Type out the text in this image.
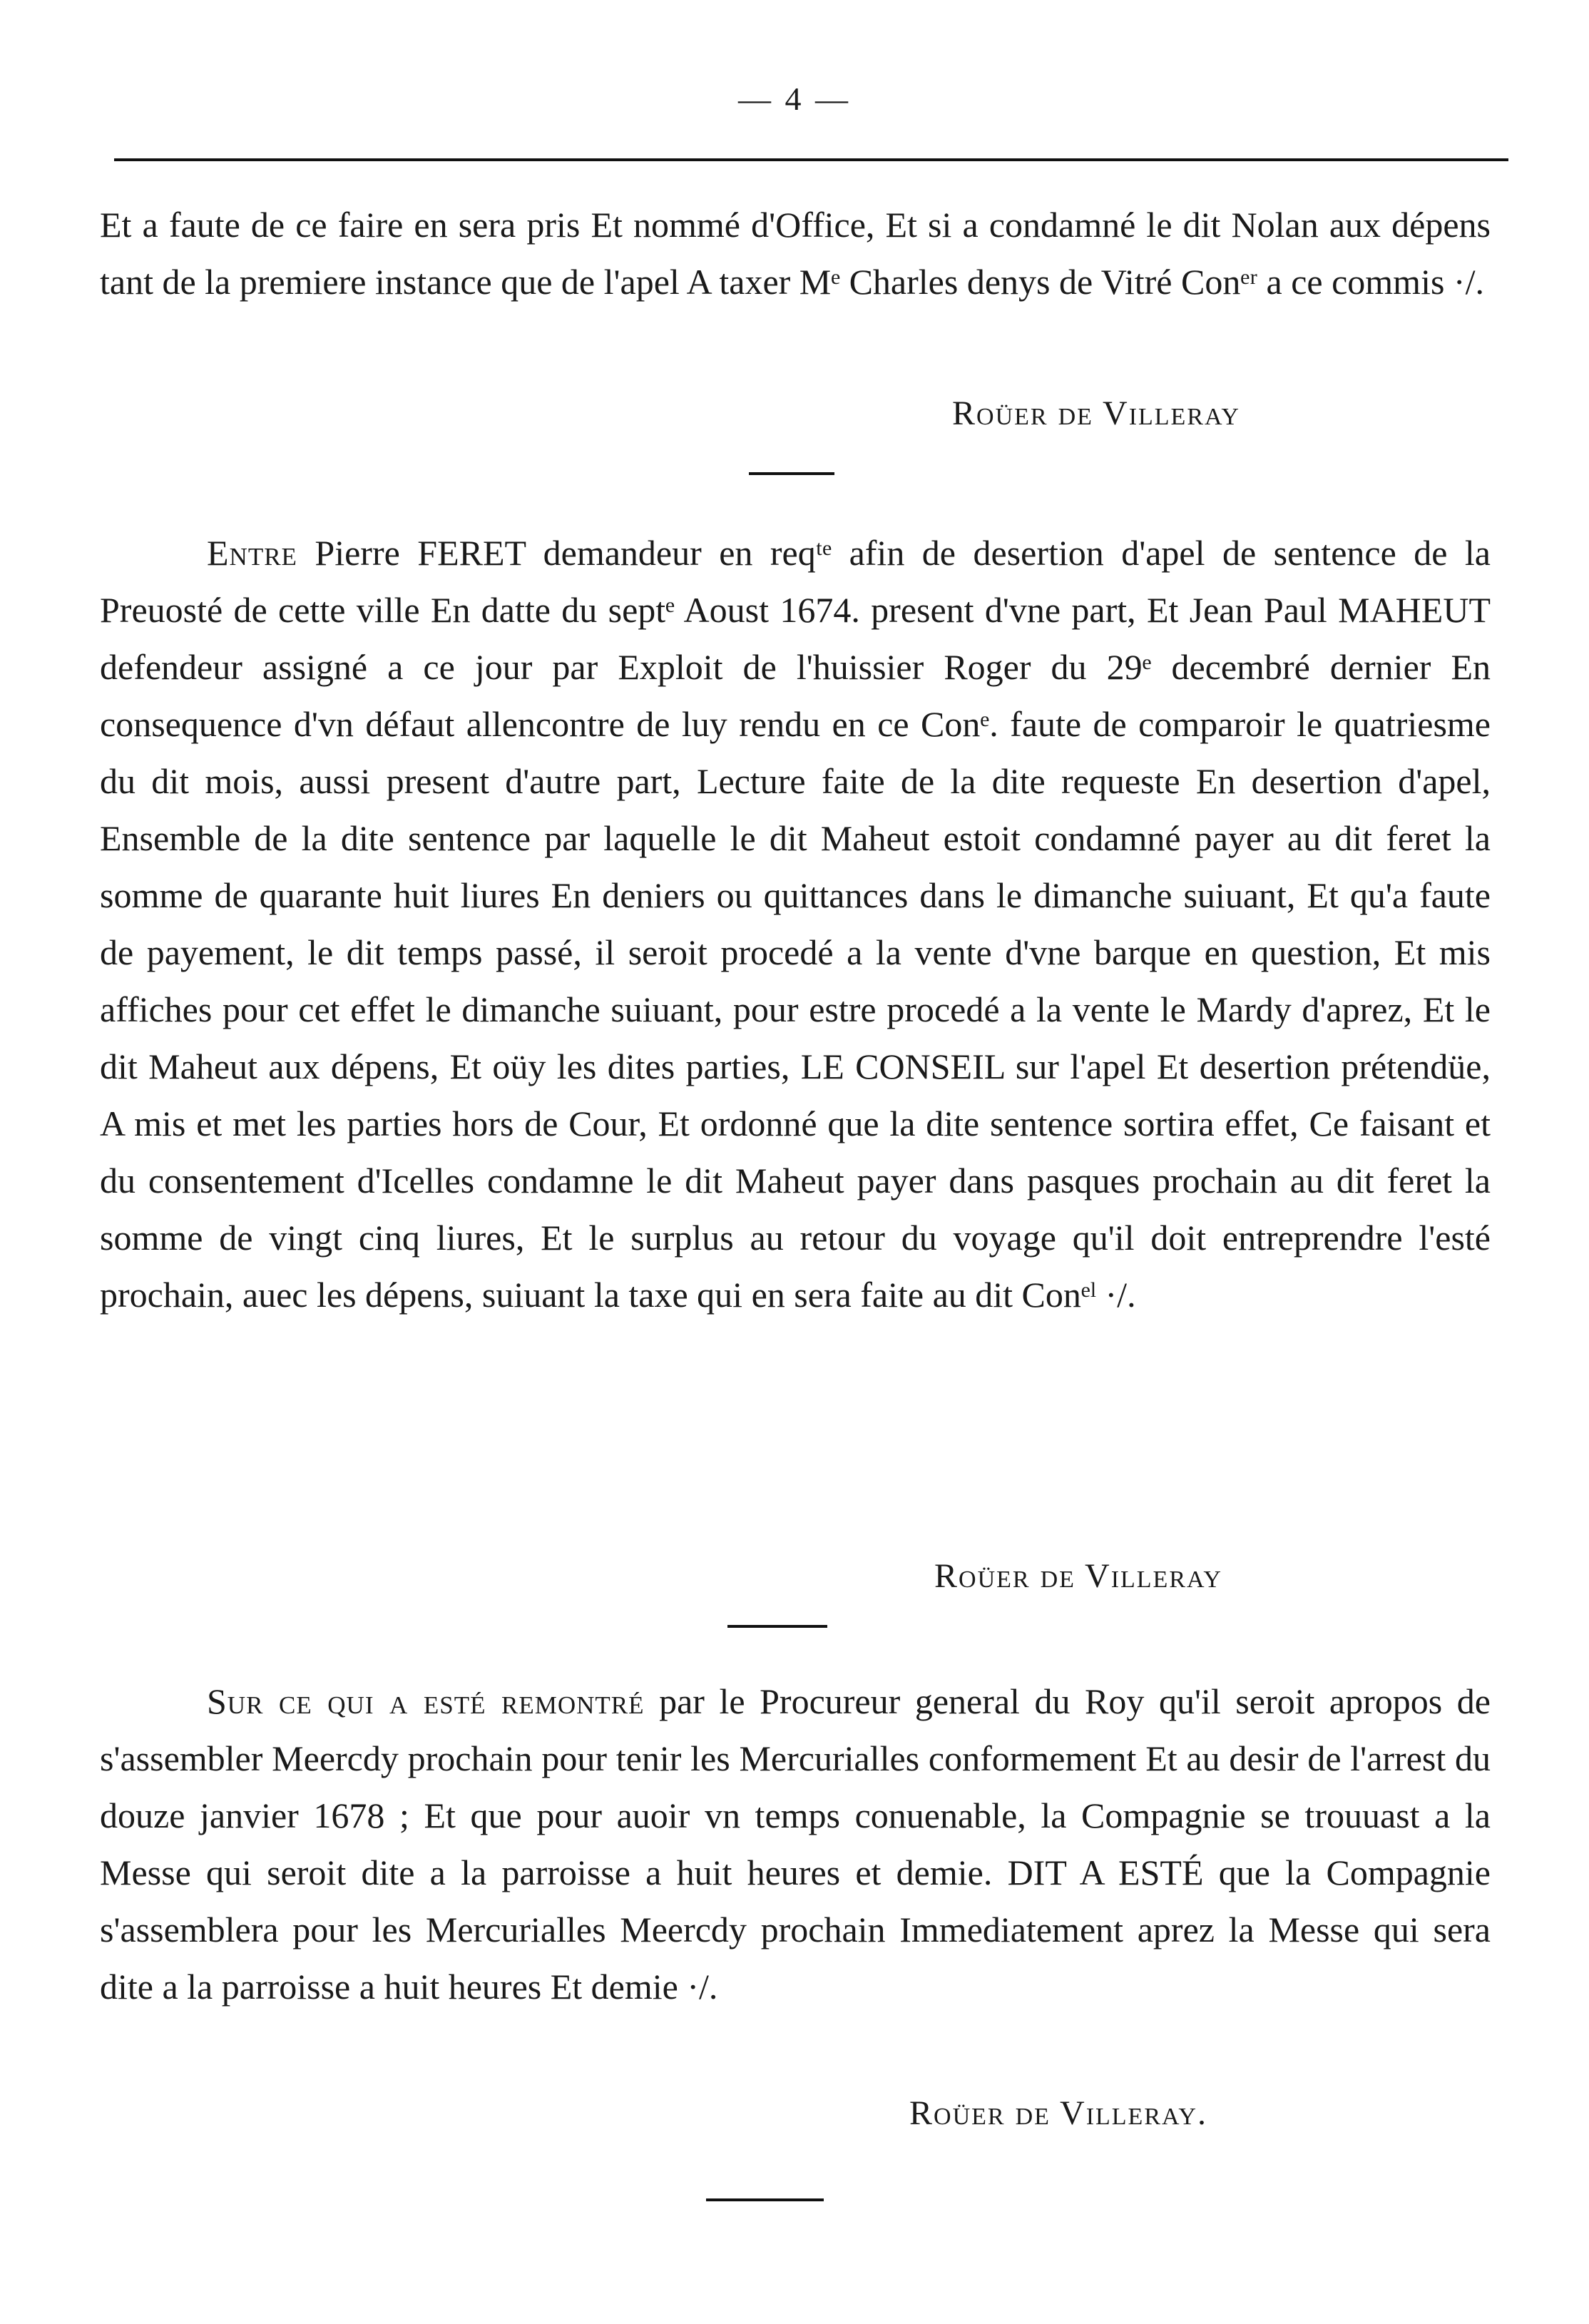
— 4 —

Et a faute de ce faire en sera pris Et nommé d'Office, Et si a condamné le dit Nolan aux dépens tant de la premiere instance que de l'apel A taxer Mᵉ Charles denys de Vitré Conᵉʳ a ce commis ·/.

Roüer de Villeray

Entre Pierre FERET demandeur en reqᵗᵉ afin de desertion d'apel de sentence de la Preuosté de cette ville En datte du septᵉ Aoust 1674. present d'vne part, Et Jean Paul MAHEUT defendeur assigné a ce jour par Exploit de l'huissier Roger du 29ᵉ decembré dernier En consequence d'vn défaut allencontre de luy rendu en ce Conᵉ. faute de comparoir le quatriesme du dit mois, aussi present d'autre part, Lecture faite de la dite requeste En desertion d'apel, Ensemble de la dite sentence par laquelle le dit Maheut estoit condamné payer au dit feret la somme de quarante huit liures En deniers ou quittances dans le dimanche suiuant, Et qu'a faute de payement, le dit temps passé, il seroit procedé a la vente d'vne barque en question, Et mis affiches pour cet effet le dimanche suiuant, pour estre procedé a la vente le Mardy d'aprez, Et le dit Maheut aux dépens, Et oüy les dites parties, LE CONSEIL sur l'apel Et desertion prétendüe, A mis et met les parties hors de Cour, Et ordonné que la dite sentence sortira effet, Ce faisant et du consentement d'Icelles condamne le dit Maheut payer dans pasques prochain au dit feret la somme de vingt cinq liures, Et le surplus au retour du voyage qu'il doit entreprendre l'esté prochain, auec les dépens, suiuant la taxe qui en sera faite au dit Conᵉˡ ·/.

Roüer de Villeray

Sur ce qui a esté remontré par le Procureur general du Roy qu'il seroit apropos de s'assembler Meercdy prochain pour tenir les Mercurialles conformement Et au desir de l'arrest du douze janvier 1678 ; Et que pour auoir vn temps conuenable, la Compagnie se trouuast a la Messe qui seroit dite a la parroisse a huit heures et demie. DIT A ESTÉ que la Compagnie s'assemblera pour les Mercurialles Meercdy prochain Immediatement aprez la Messe qui sera dite a la parroisse a huit heures Et demie ·/.

Roüer de Villeray.
